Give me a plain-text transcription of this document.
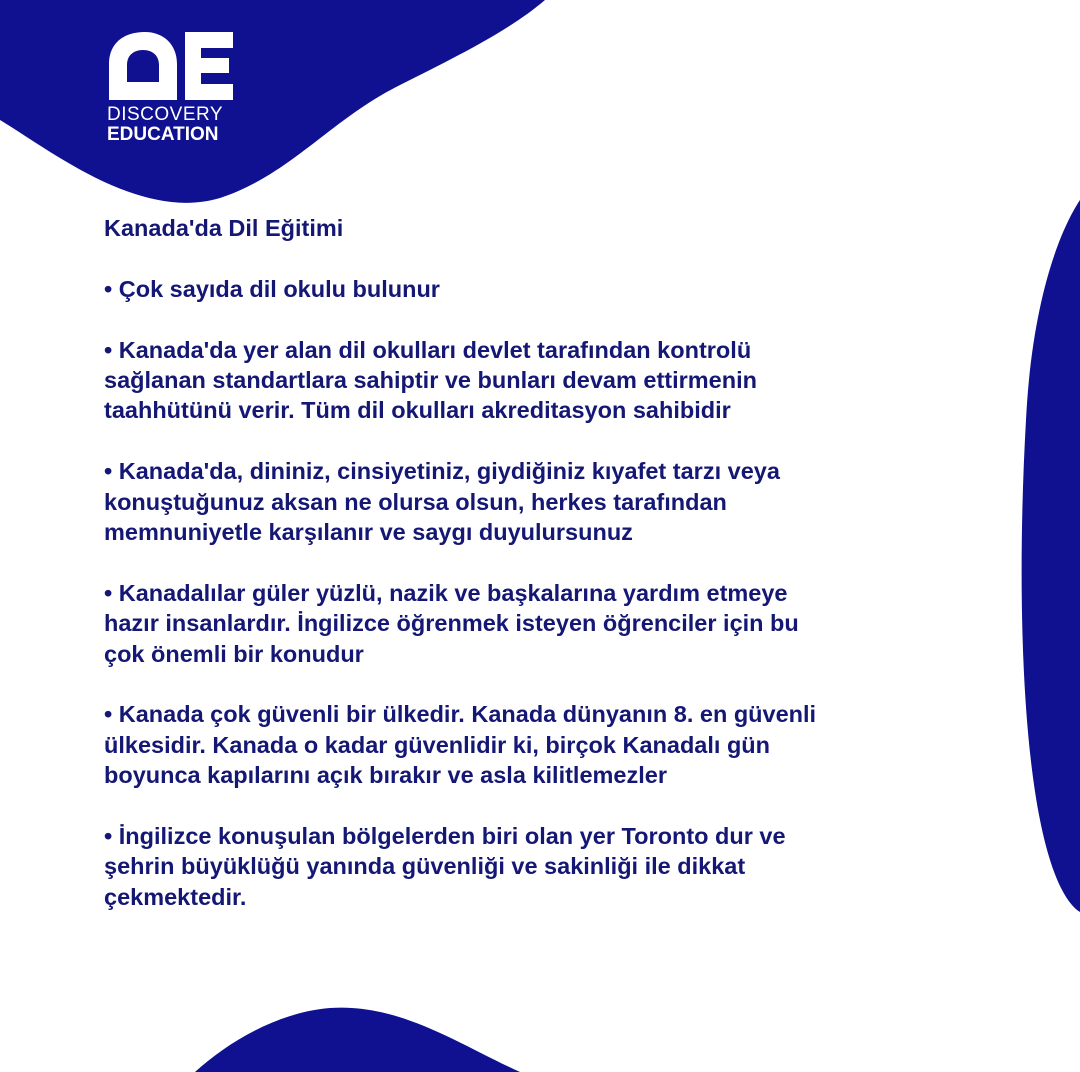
DISCOVERY
EDUCATION
Kanada'da Dil Eğitimi
• Çok sayıda dil okulu bulunur
• Kanada'da yer alan dil okulları devlet tarafından kontrolü sağlanan standartlara sahiptir ve bunları devam ettirmenin taahhütünü verir. Tüm dil okulları akreditasyon sahibidir
• Kanada'da, dininiz, cinsiyetiniz, giydiğiniz kıyafet tarzı veya konuştuğunuz aksan ne olursa olsun, herkes tarafından memnuniyetle karşılanır ve saygı duyulursunuz
• Kanadalılar güler yüzlü, nazik ve başkalarına yardım etmeye hazır insanlardır. İngilizce öğrenmek isteyen öğrenciler için bu çok önemli bir konudur
• Kanada çok güvenli bir ülkedir. Kanada dünyanın 8. en güvenli ülkesidir. Kanada o kadar güvenlidir ki, birçok Kanadalı gün boyunca kapılarını açık bırakır ve asla kilitlemezler
• İngilizce konuşulan bölgelerden biri olan yer Toronto dur ve şehrin büyüklüğü yanında güvenliği ve sakinliği ile dikkat çekmektedir.
